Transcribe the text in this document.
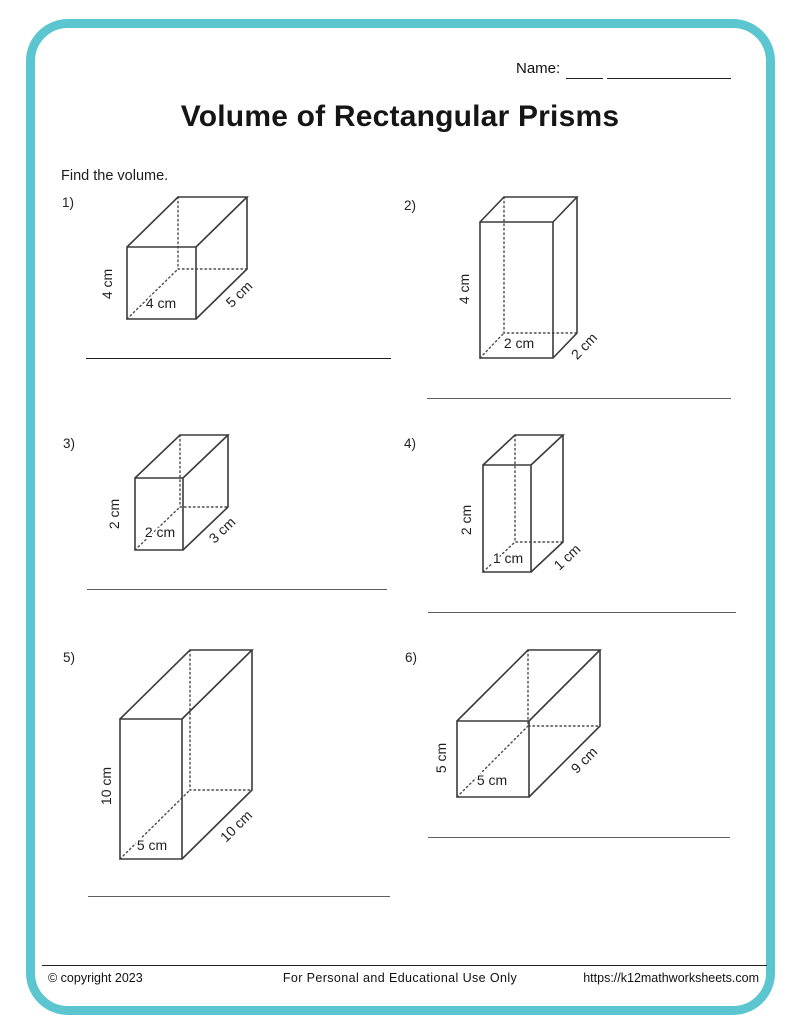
Name:
Volume of Rectangular Prisms
Find the volume.
1)	2)
3)	4)
5)	6)
4 cm
4 cm	5 cm	4 cm
2 cm 2 cm
2 cm
2 cm 3 cm	2 cm
1 cm 1 cm
10 cm
5 cm	10 cm
5 cm
5 cm
9 cm
© copyright 2023	For Personal and Educational Use Only	https://k12mathworksheets.com
